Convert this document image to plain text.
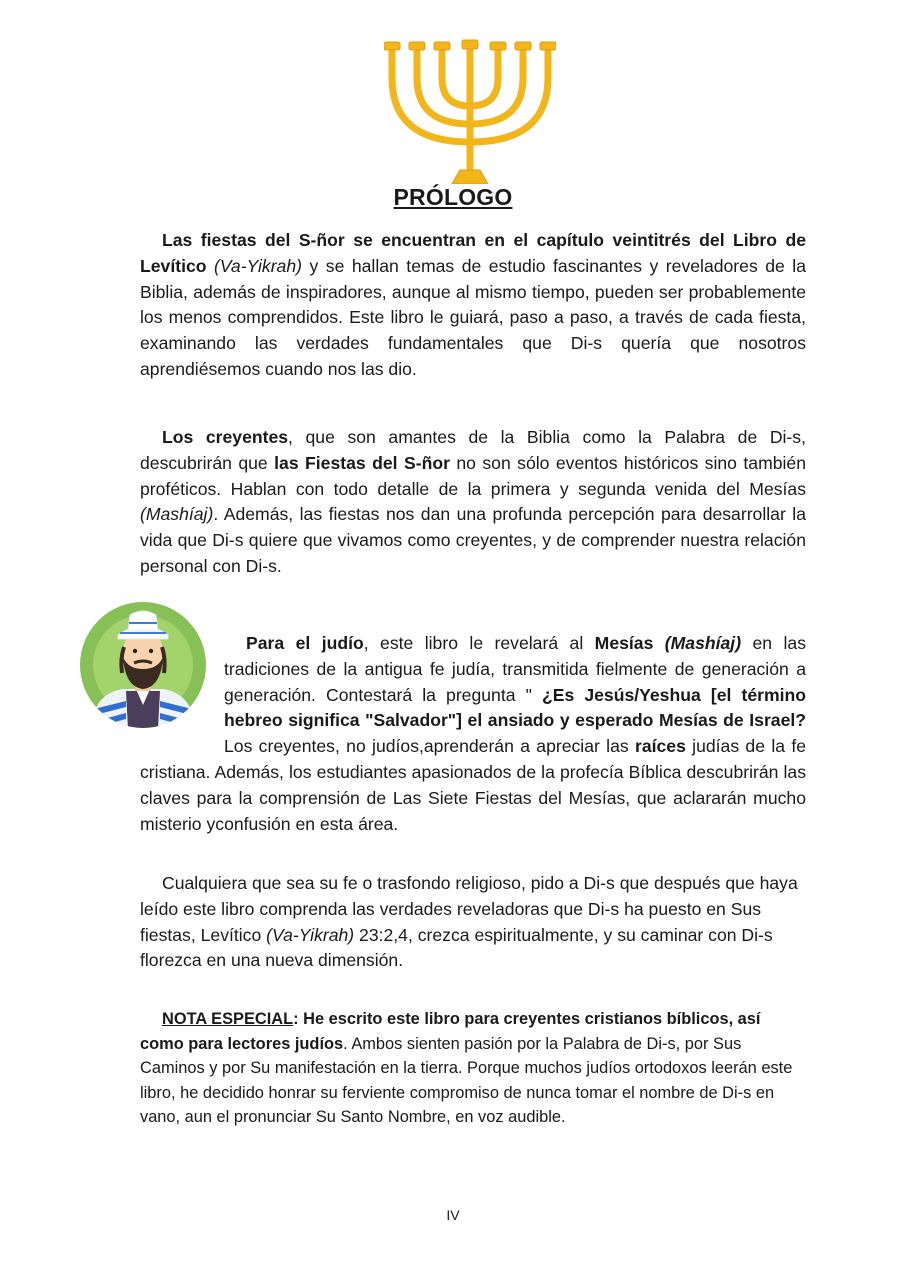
PRÓLOGO

Las fiestas del S-ñor se encuentran en el capítulo veintitrés del Libro de Levítico (Va-Yikrah) y se hallan temas de estudio fascinantes y reveladores de la Biblia, además de inspiradores, aunque al mismo tiempo, pueden ser probablemente los menos comprendidos. Este libro le guiará, paso a paso, a través de cada fiesta, examinando las verdades fundamentales que Di-s quería que nosotros aprendiésemos cuando nos las dio.

Los creyentes, que son amantes de la Biblia como la Palabra de Di-s, descubrirán que las Fiestas del S-ñor no son sólo eventos históricos sino también proféticos. Hablan con todo detalle de la primera y segunda venida del Mesías (Mashíaj). Además, las fiestas nos dan una profunda percepción para desarrollar la vida que Di-s quiere que vivamos como creyentes, y de comprender nuestra relación personal con Di-s.

Para el judío, este libro le revelará al Mesías (Mashíaj) en las tradiciones de la antigua fe judía, transmitida fielmente de generación a generación. Contestará la pregunta " ¿Es Jesús/Yeshua [el término hebreo significa "Salvador"] el ansiado y esperado Mesías de Israel? Los creyentes, no judíos,aprenderán a apreciar las raíces judías de la fe cristiana. Además, los estudiantes apasionados de la profecía Bíblica descubrirán las claves para la comprensión de Las Siete Fiestas del Mesías, que aclararán mucho misterio yconfusión en esta área.

Cualquiera que sea su fe o trasfondo religioso, pido a Di-s que después que haya leído este libro comprenda las verdades reveladoras que Di-s ha puesto en Sus fiestas, Levítico (Va-Yikrah) 23:2,4, crezca espiritualmente, y su caminar con Di-s florezca en una nueva dimensión.

NOTA ESPECIAL: He escrito este libro para creyentes cristianos bíblicos, así como para lectores judíos. Ambos sienten pasión por la Palabra de Di-s, por Sus Caminos y por Su manifestación en la tierra. Porque muchos judíos ortodoxos leerán este libro, he decidido honrar su ferviente compromiso de nunca tomar el nombre de Di-s en vano, aun el pronunciar Su Santo Nombre, en voz audible.

IV
